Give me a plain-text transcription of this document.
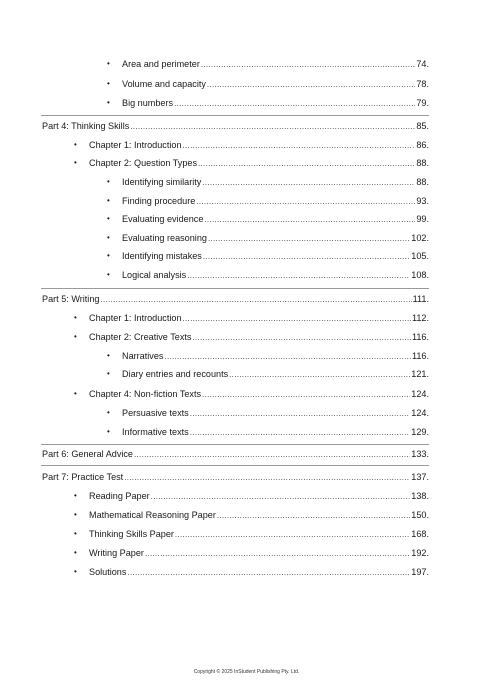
• Area and perimeter .....	74.
• Volume and capacity .....	78.
• Big numbers .....	79.
Part 4: Thinking Skills .....	85.
• Chapter 1: Introduction .....	86.
• Chapter 2: Question Types .....	88.
• Identifying similarity .....	88.
• Finding procedure .....	93.
• Evaluating evidence .....	99.
• Evaluating reasoning .....	102.
• Identifying mistakes .....	105.
• Logical analysis .....	108.
Part 5: Writing .....	111.
• Chapter 1: Introduction .....	112.
• Chapter 2: Creative Texts .....	116.
• Narratives .....	116.
• Diary entries and recounts .....	121.
• Chapter 4: Non-fiction Texts .....	124.
• Persuasive texts .....	124.
• Informative texts .....	129.
Part 6: General Advice .....	133.
Part 7: Practice Test .....	137.
• Reading Paper .....	138.
• Mathematical Reasoning Paper .....	150.
• Thinking Skills Paper .....	168.
• Writing Paper .....	192.
• Solutions .....	197.
Copyright © 2025 InStudent Publishing Pty. Ltd.
